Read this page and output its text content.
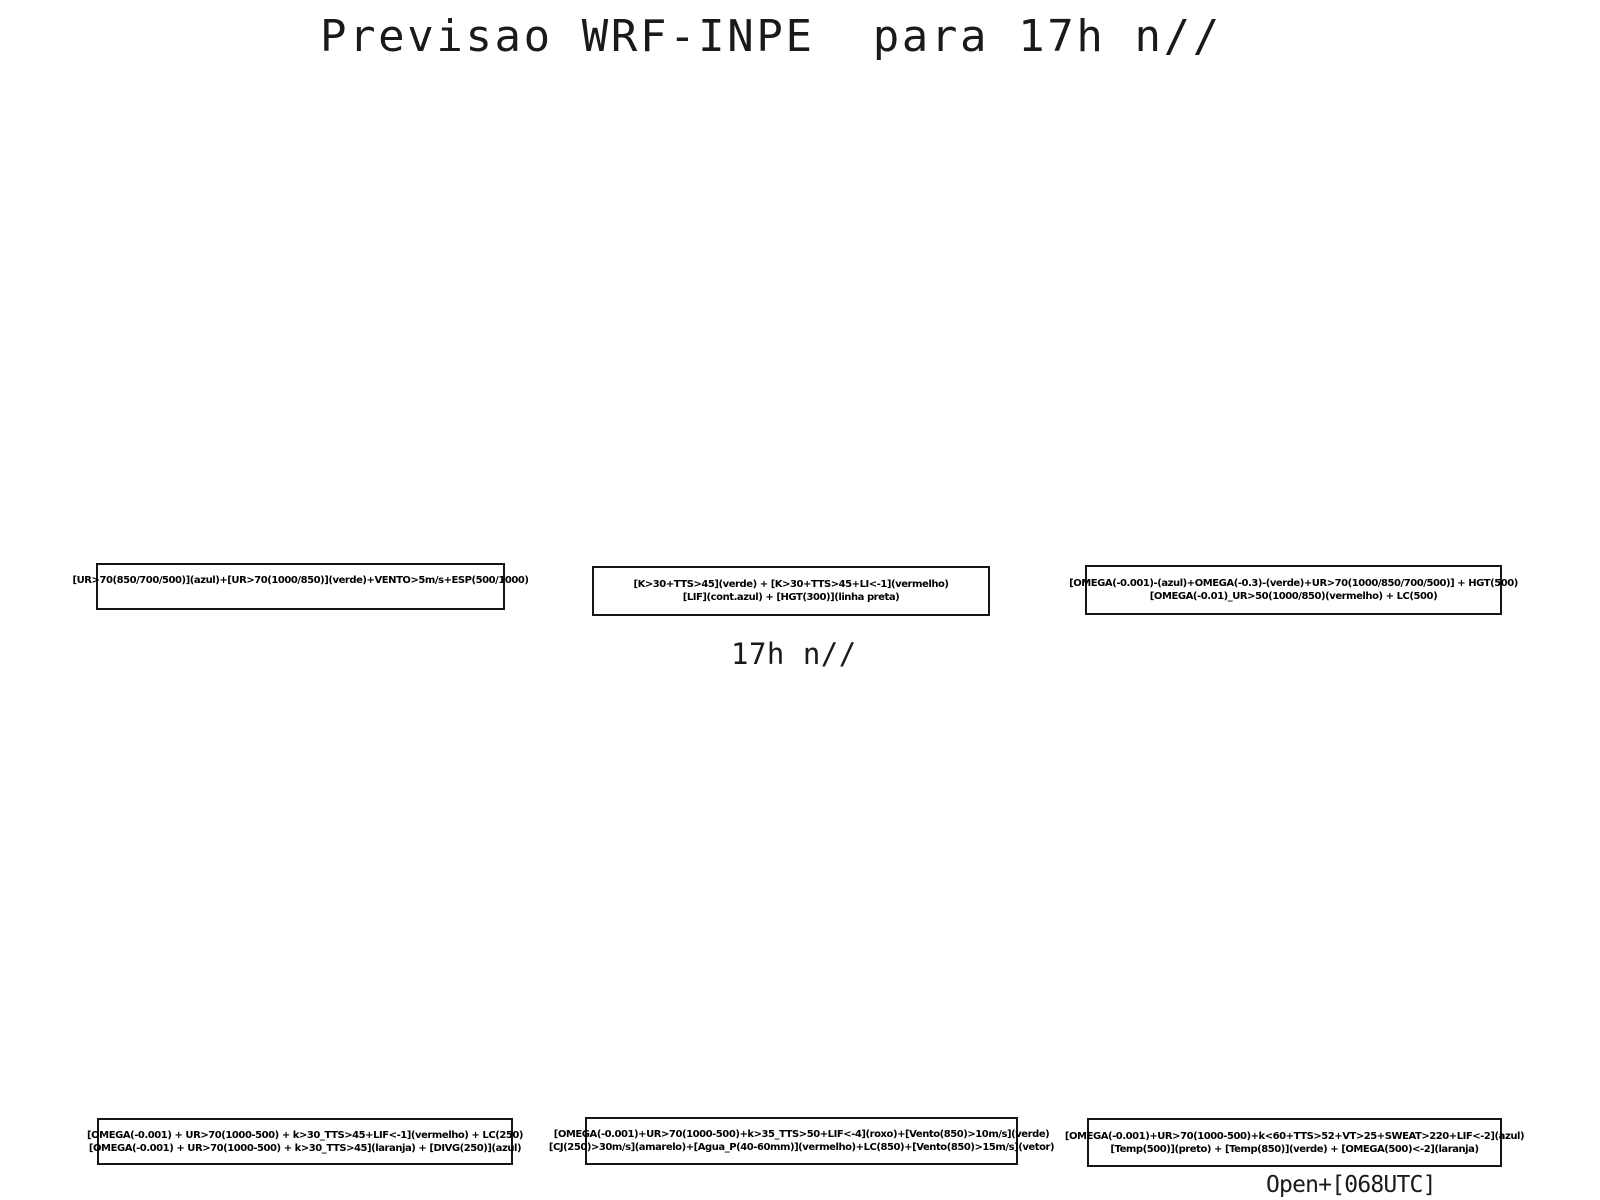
Previsao WRF-INPE  para 17h n//
[UR>70(850/700/500)](azul)+[UR>70(1000/850)](verde)+VENTO>5m/s+ESP(500/1000)	[K>30+TTS>45](verde) + [K>30+TTS>45+LI<-1](vermelho)
[LIF](cont.azul) + [HGT(300)](linha preta)
[OMEGA(-0.001)-(azul)+OMEGA(-0.3)-(verde)+UR>70(1000/850/700/500)] + HGT(500)
[OMEGA(-0.01)_UR>50(1000/850)(vermelho) + LC(500)
17h n//
[OMEGA(-0.001) + UR>70(1000-500) + k>30_TTS>45+LIF<-1](vermelho) + LC(250)
[OMEGA(-0.001) + UR>70(1000-500) + k>30_TTS>45](laranja) + [DIVG(250)](azul)
[OMEGA(-0.001)+UR>70(1000-500)+k>35_TTS>50+LIF<-4](roxo)+[Vento(850)>10m/s](verde)
[CJ(250)>30m/s](amarelo)+[Agua_P(40-60mm)](vermelho)+LC(850)+[Vento(850)>15m/s](vetor)
[OMEGA(-0.001)+UR>70(1000-500)+k<60+TTS>52+VT>25+SWEAT>220+LIF<-2](azul)
[Temp(500)](preto) + [Temp(850)](verde) + [OMEGA(500)<-2](laranja)
Open+[068UTC]
